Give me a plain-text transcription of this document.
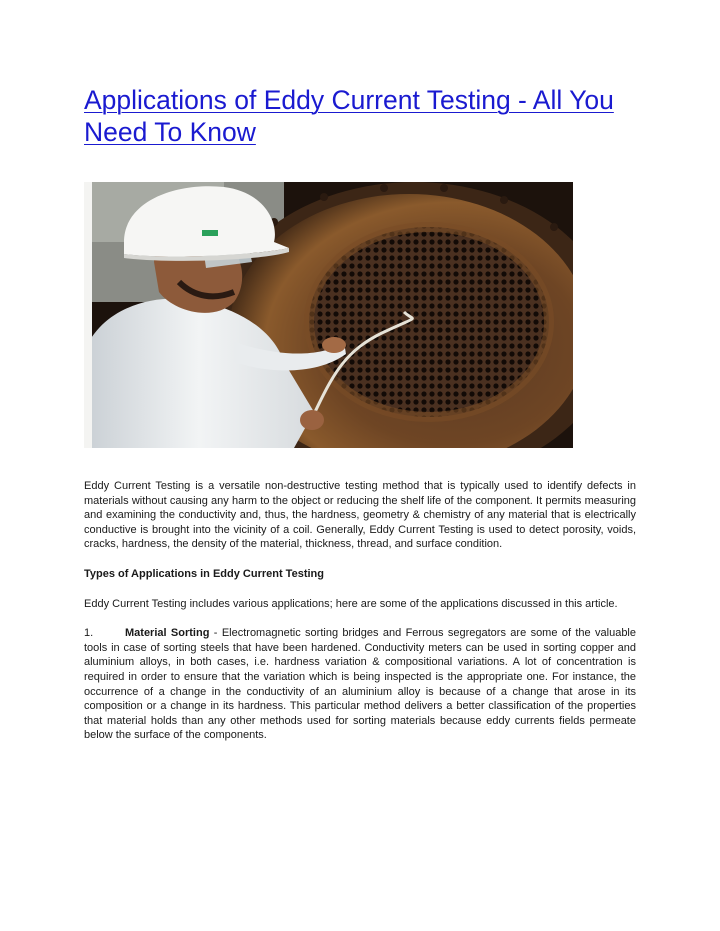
Applications of Eddy Current Testing - All You Need To Know

Eddy Current Testing is a versatile non-destructive testing method that is typically used to identify defects in materials without causing any harm to the object or reducing the shelf life of the component. It permits measuring and examining the conductivity and, thus, the hardness, geometry & chemistry of any material that is electrically conductive is brought into the vicinity of a coil. Generally, Eddy Current Testing is used to detect porosity, voids, cracks, hardness, the density of the material, thickness, thread, and surface condition.

Types of Applications in Eddy Current Testing

Eddy Current Testing includes various applications; here are some of the applications discussed in this article.

1.	Material Sorting - Electromagnetic sorting bridges and Ferrous segregators are some of the valuable tools in case of sorting steels that have been hardened. Conductivity meters can be used in sorting copper and aluminium alloys, in both cases, i.e. hardness variation & compositional variations. A lot of concentration is required in order to ensure that the variation which is being inspected is the appropriate one. For instance, the occurrence of a change in the conductivity of an aluminium alloy is because of a change that arose in its composition or a change in its hardness. This particular method delivers a better classification of the properties that material holds than any other methods used for sorting materials because eddy currents fields permeate below the surface of the components.
